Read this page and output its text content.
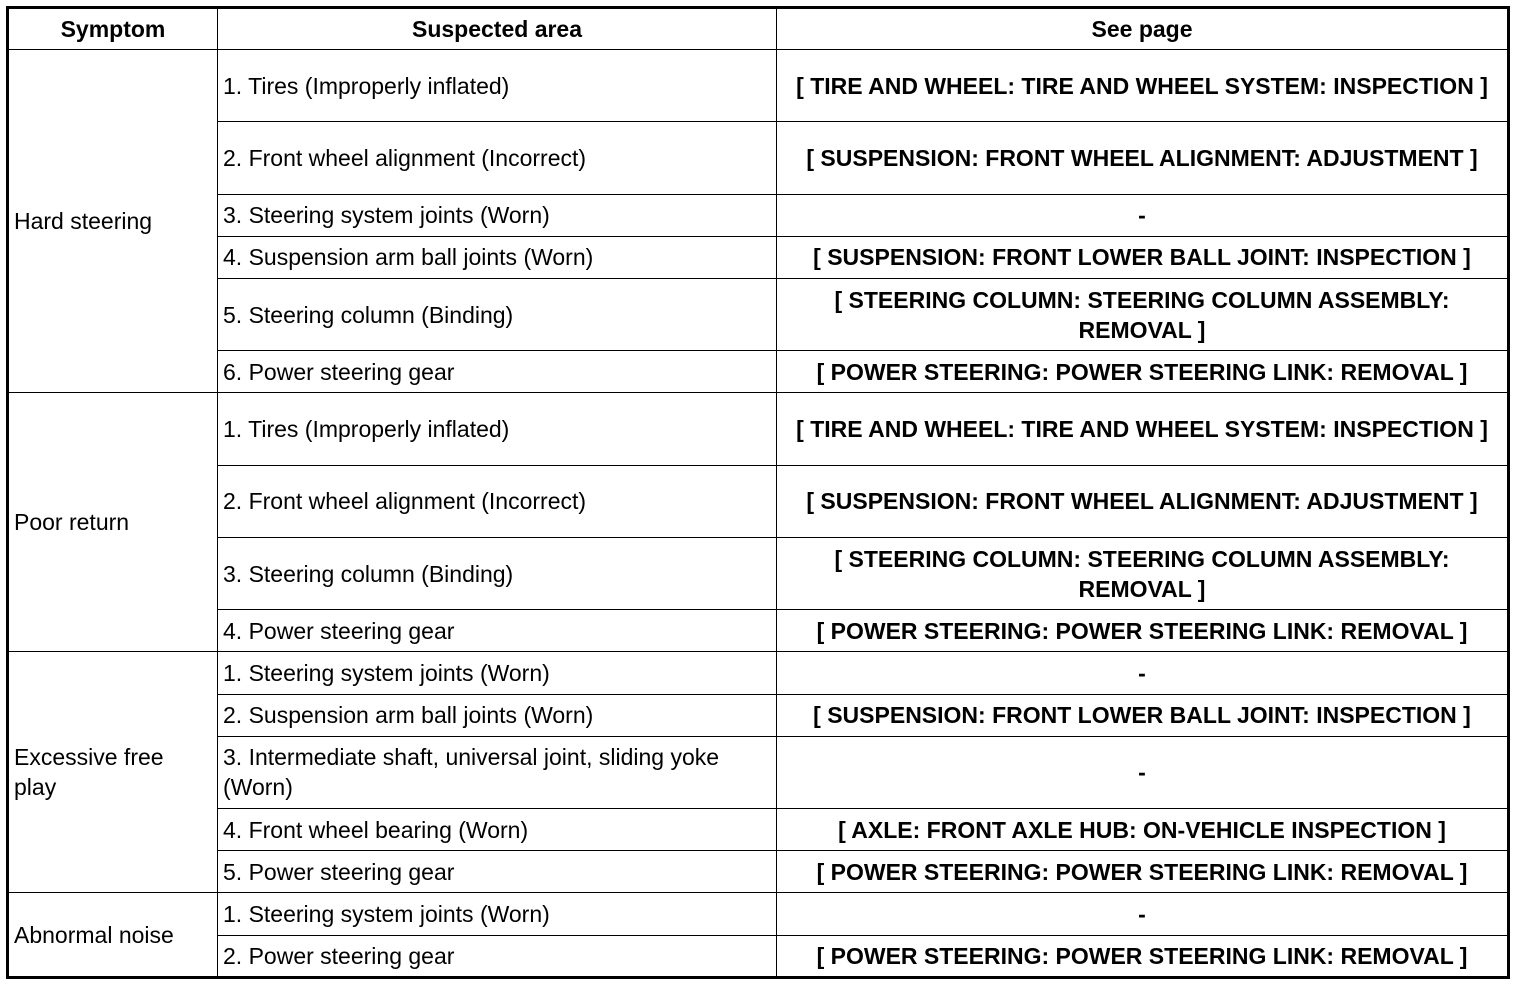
Symptom	Suspected area	See page
Hard steering	1. Tires (Improperly inflated)	[ TIRE AND WHEEL: TIRE AND WHEEL SYSTEM: INSPECTION ]
	2. Front wheel alignment (Incorrect)	[ SUSPENSION: FRONT WHEEL ALIGNMENT: ADJUSTMENT ]
	3. Steering system joints (Worn)	-
	4. Suspension arm ball joints (Worn)	[ SUSPENSION: FRONT LOWER BALL JOINT: INSPECTION ]
	5. Steering column (Binding)	[ STEERING COLUMN: STEERING COLUMN ASSEMBLY: REMOVAL ]
	6. Power steering gear	[ POWER STEERING: POWER STEERING LINK: REMOVAL ]
Poor return	1. Tires (Improperly inflated)	[ TIRE AND WHEEL: TIRE AND WHEEL SYSTEM: INSPECTION ]
	2. Front wheel alignment (Incorrect)	[ SUSPENSION: FRONT WHEEL ALIGNMENT: ADJUSTMENT ]
	3. Steering column (Binding)	[ STEERING COLUMN: STEERING COLUMN ASSEMBLY: REMOVAL ]
	4. Power steering gear	[ POWER STEERING: POWER STEERING LINK: REMOVAL ]
Excessive free play	1. Steering system joints (Worn)	-
	2. Suspension arm ball joints (Worn)	[ SUSPENSION: FRONT LOWER BALL JOINT: INSPECTION ]
	3. Intermediate shaft, universal joint, sliding yoke (Worn)	-
	4. Front wheel bearing (Worn)	[ AXLE: FRONT AXLE HUB: ON-VEHICLE INSPECTION ]
	5. Power steering gear	[ POWER STEERING: POWER STEERING LINK: REMOVAL ]
Abnormal noise	1. Steering system joints (Worn)	-
	2. Power steering gear	[ POWER STEERING: POWER STEERING LINK: REMOVAL ]
